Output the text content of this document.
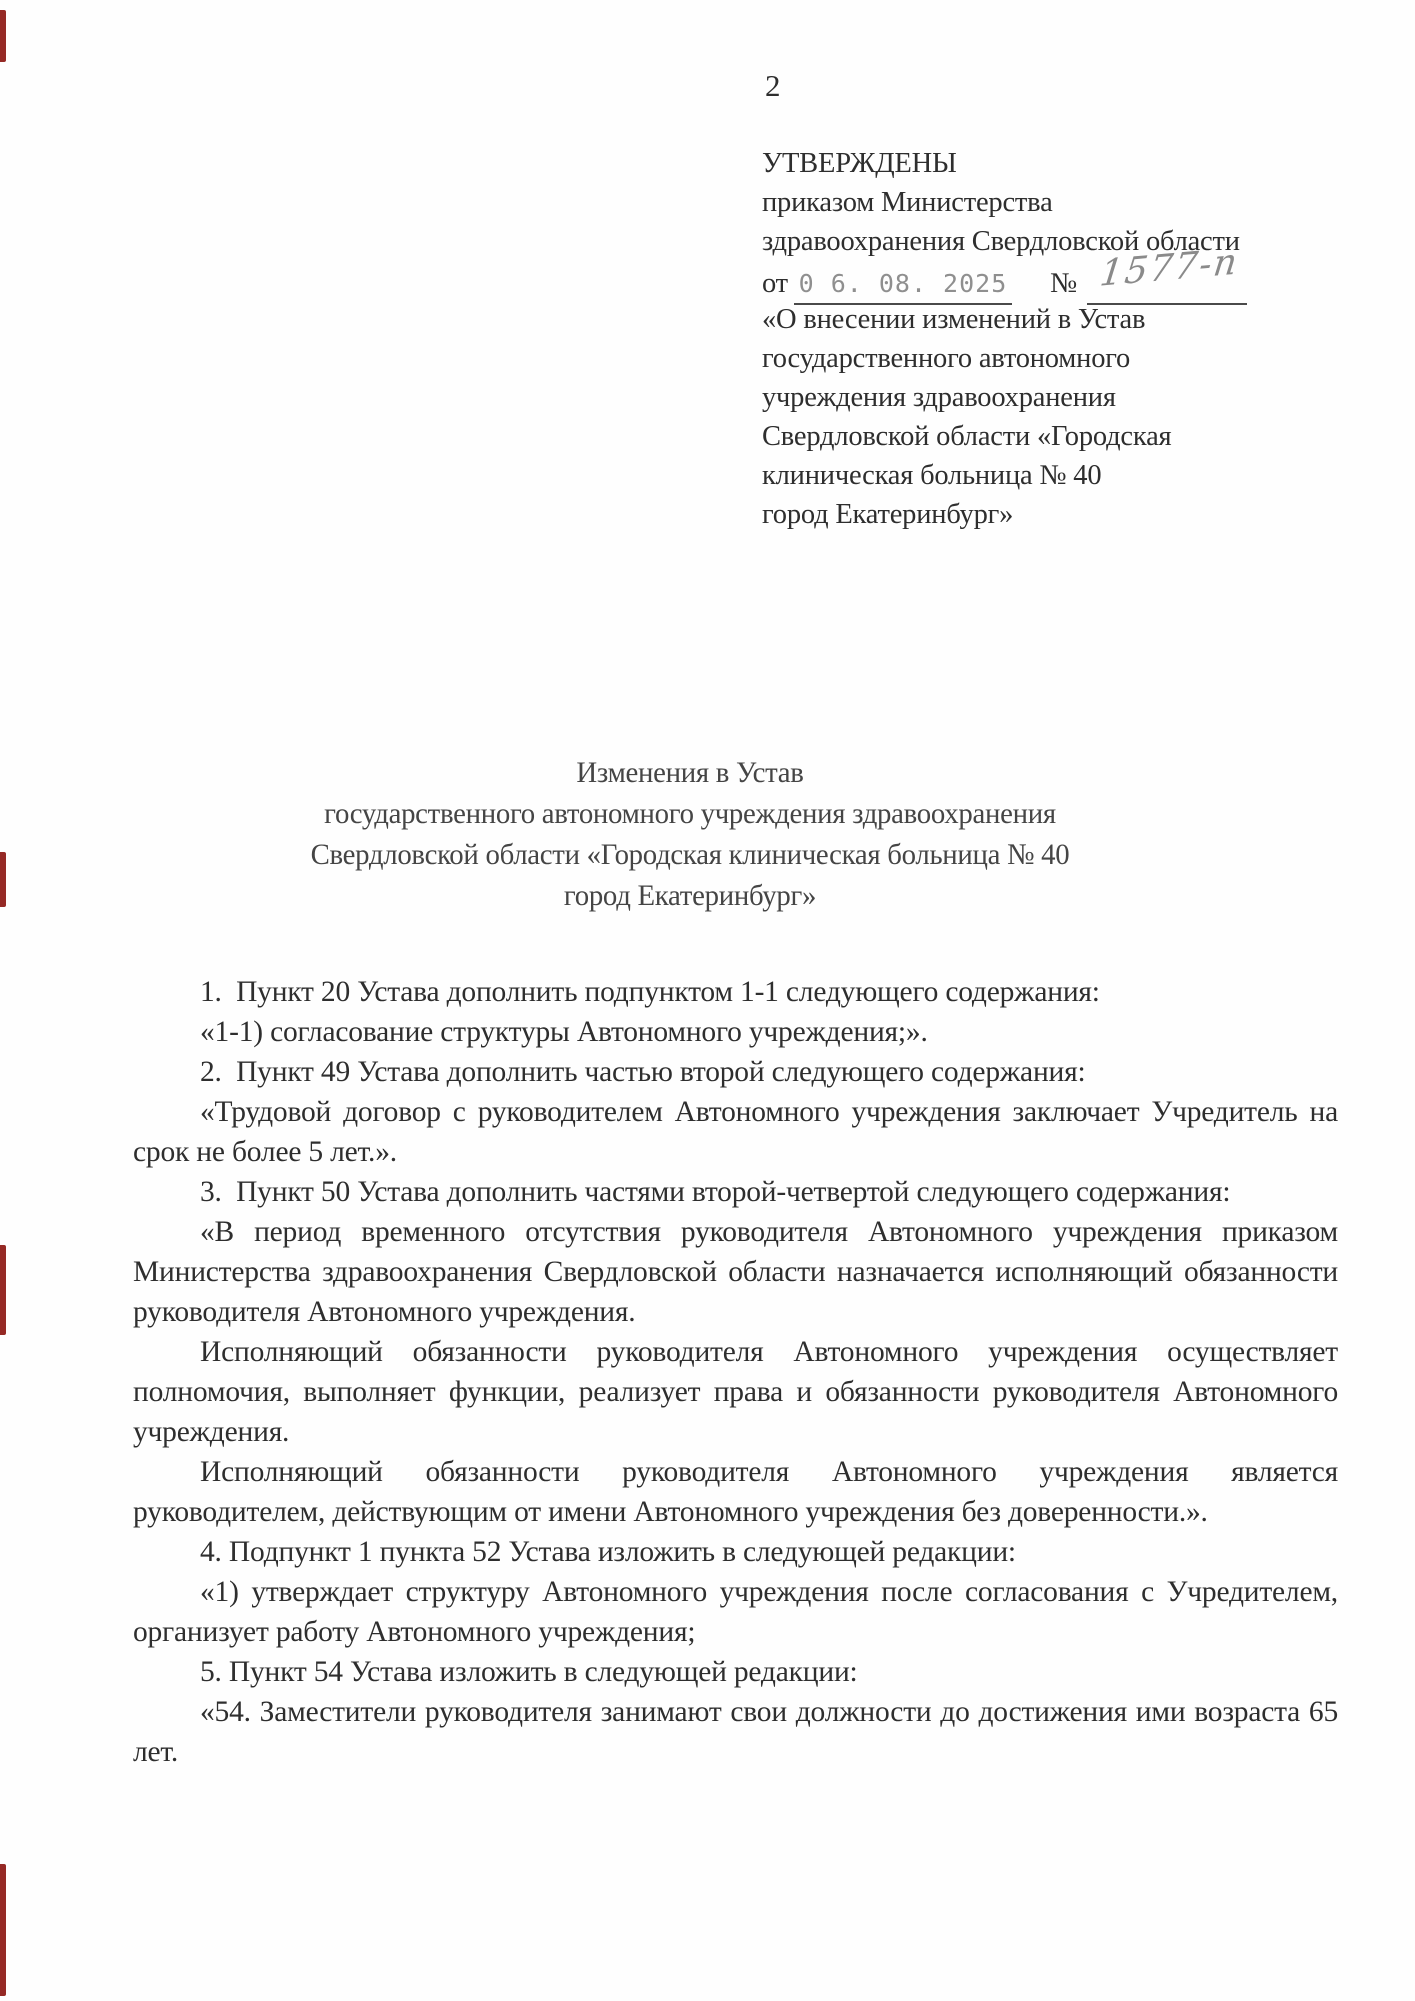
2
УТВЕРЖДЕНЫ
приказом Министерства
здравоохранения Свердловской области
от 0 6. 08. 2025 № 1577-п
«О внесении изменений в Устав
государственного автономного
учреждения здравоохранения
Свердловской области «Городская
клиническая больница № 40
город Екатеринбург»
Изменения в Устав
государственного автономного учреждения здравоохранения
Свердловской области «Городская клиническая больница № 40
город Екатеринбург»

1.  Пункт 20 Устава дополнить подпунктом 1-1 следующего содержания:

«1-1) согласование структуры Автономного учреждения;».

2.  Пункт 49 Устава дополнить частью второй следующего содержания:

«Трудовой договор с руководителем Автономного учреждения заключает Учредитель на срок не более 5 лет.».

3.  Пункт 50 Устава дополнить частями второй-четвертой следующего содержания:

«В период временного отсутствия руководителя Автономного учреждения приказом Министерства здравоохранения Свердловской области назначается исполняющий обязанности руководителя Автономного учреждения.

Исполняющий обязанности руководителя Автономного учреждения осуществляет полномочия, выполняет функции, реализует права и обязанности руководителя Автономного учреждения.

Исполняющий обязанности руководителя Автономного учреждения является руководителем, действующим от имени Автономного учреждения без доверенности.».

4. Подпункт 1 пункта 52 Устава изложить в следующей редакции:

«1) утверждает структуру Автономного учреждения после согласования с Учредителем, организует работу Автономного учреждения;

5. Пункт 54 Устава изложить в следующей редакции:

«54. Заместители руководителя занимают свои должности до достижения ими возраста 65 лет.
